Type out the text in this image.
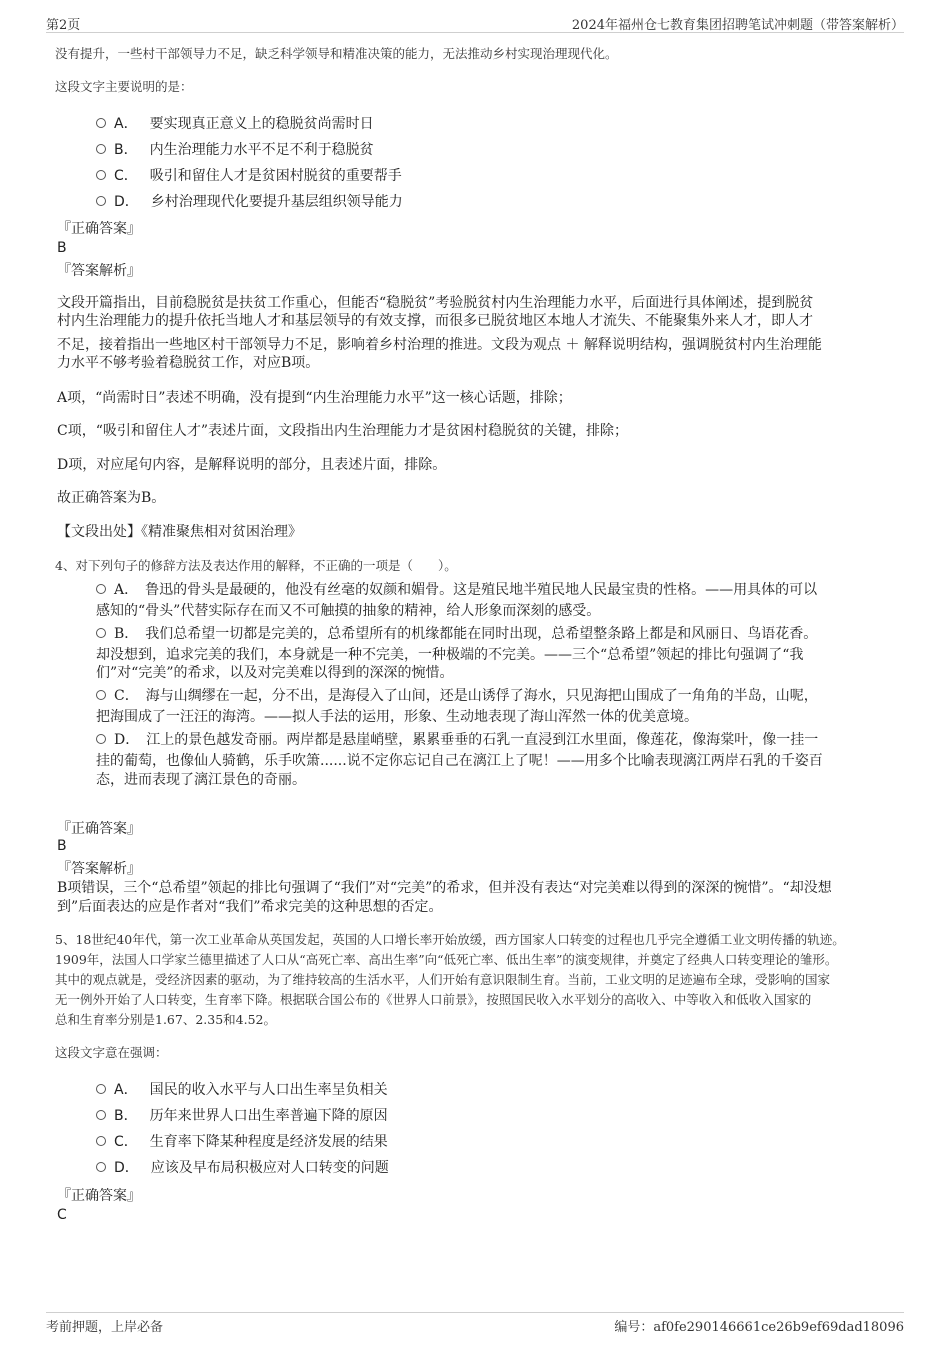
第2页	2024年福州仓七教育集团招聘笔试冲刺题（带答案解析）
没有提升，一些村干部领导力不足，缺乏科学领导和精准决策的能力，无法推动乡村实现治理现代化。
这段文字主要说明的是：
A． 要实现真正意义上的稳脱贫尚需时日
B． 内生治理能力水平不足不利于稳脱贫
C． 吸引和留住人才是贫困村脱贫的重要帮手
D． 乡村治理现代化要提升基层组织领导能力
『正确答案』
B
『答案解析』
文段开篇指出，目前稳脱贫是扶贫工作重心，但能否“稳脱贫”考验脱贫村内生治理能力水平，后面进行具体阐述，提到脱贫
村内生治理能力的提升依托当地人才和基层领导的有效支撑，而很多已脱贫地区本地人才流失、不能聚集外来人才，即人才
不足，接着指出一些地区村干部领导力不足，影响着乡村治理的推进。文段为观点 ＋ 解释说明结构，强调脱贫村内生治理能
力水平不够考验着稳脱贫工作，对应B项。
A项，“尚需时日”表述不明确，没有提到“内生治理能力水平”这一核心话题，排除；
C项，“吸引和留住人才”表述片面，文段指出内生治理能力才是贫困村稳脱贫的关键，排除；
D项，对应尾句内容，是解释说明的部分，且表述片面，排除。
故正确答案为B。
【文段出处】《精准聚焦相对贫困治理》
4、对下列句子的修辞方法及表达作用的解释，不正确的一项是（　　）。
A．　鲁迅的骨头是最硬的，他没有丝毫的奴颜和媚骨。这是殖民地半殖民地人民最宝贵的性格。——用具体的可以
感知的“骨头”代替实际存在而又不可触摸的抽象的精神，给人形象而深刻的感受。
B．　我们总希望一切都是完美的，总希望所有的机缘都能在同时出现，总希望整条路上都是和风丽日、鸟语花香。
却没想到，追求完美的我们，本身就是一种不完美，一种极端的不完美。——三个“总希望”领起的排比句强调了“我
们”对“完美”的希求，以及对完美难以得到的深深的惋惜。
C．　海与山绸缪在一起，分不出，是海侵入了山间，还是山诱俘了海水，只见海把山围成了一角角的半岛，山呢，
把海围成了一汪汪的海湾。——拟人手法的运用，形象、生动地表现了海山浑然一体的优美意境。
D．　江上的景色越发奇丽。两岸都是悬崖峭壁，累累垂垂的石乳一直浸到江水里面，像莲花，像海棠叶，像一挂一
挂的葡萄，也像仙人骑鹤，乐手吹箫......说不定你忘记自己在漓江上了呢！——用多个比喻表现漓江两岸石乳的千姿百
态，进而表现了漓江景色的奇丽。
『正确答案』
B
『答案解析』
B项错误，三个“总希望”领起的排比句强调了“我们”对“完美”的希求，但并没有表达“对完美难以得到的深深的惋惜”。“却没想
到”后面表达的应是作者对“我们”希求完美的这种思想的否定。
5、18世纪40年代，第一次工业革命从英国发起，英国的人口增长率开始放缓，西方国家人口转变的过程也几乎完全遵循工业文明传播的轨迹。
1909年，法国人口学家兰德里描述了人口从“高死亡率、高出生率”向“低死亡率、低出生率”的演变规律，并奠定了经典人口转变理论的雏形。
其中的观点就是，受经济因素的驱动，为了维持较高的生活水平，人们开始有意识限制生育。当前，工业文明的足迹遍布全球，受影响的国家
无一例外开始了人口转变，生育率下降。根据联合国公布的《世界人口前景》，按照国民收入水平划分的高收入、中等收入和低收入国家的
总和生育率分别是1.67、2.35和4.52。
这段文字意在强调：
A． 国民的收入水平与人口出生率呈负相关
B． 历年来世界人口出生率普遍下降的原因
C． 生育率下降某种程度是经济发展的结果
D． 应该及早布局积极应对人口转变的问题
『正确答案』
C
考前押题，上岸必备	编号：af0fe290146661ce26b9ef69dad18096
